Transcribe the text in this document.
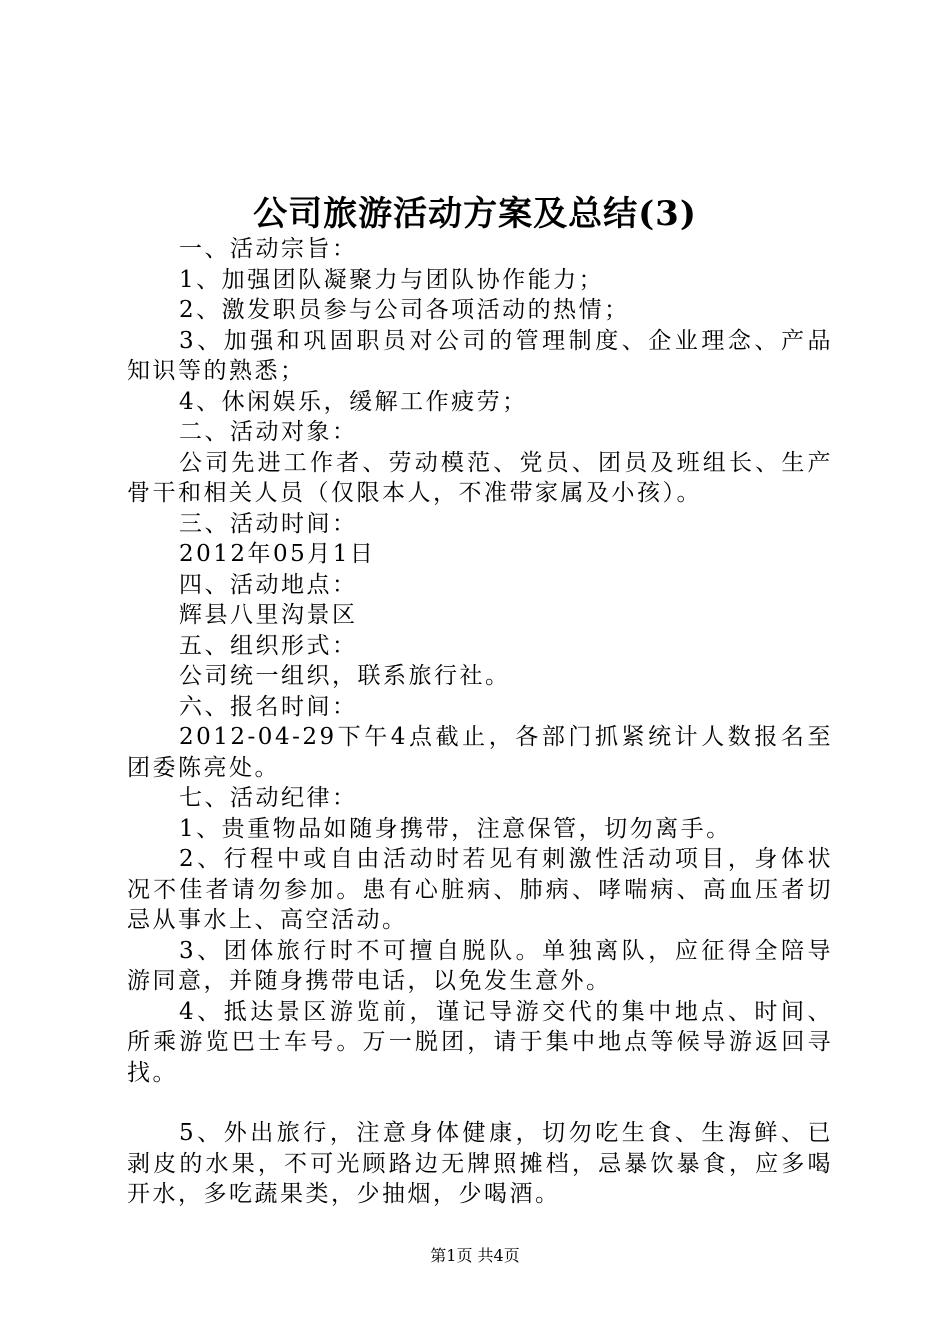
公司旅游活动方案及总结(3)

一、活动宗旨：

1、加强团队凝聚力与团队协作能力；

2、激发职员参与公司各项活动的热情；

3、加强和巩固职员对公司的管理制度、企业理念、产品知识等的熟悉；

4、休闲娱乐，缓解工作疲劳；

二、活动对象：

公司先进工作者、劳动模范、党员、团员及班组长、生产骨干和相关人员（仅限本人，不准带家属及小孩）。

三、活动时间：

2012年05月1日

四、活动地点：

辉县八里沟景区

五、组织形式：

公司统一组织，联系旅行社。

六、报名时间：

2012-04-29下午4点截止，各部门抓紧统计人数报名至团委陈亮处。

七、活动纪律：

1、贵重物品如随身携带，注意保管，切勿离手。

2、行程中或自由活动时若见有刺激性活动项目，身体状况不佳者请勿参加。患有心脏病、肺病、哮喘病、高血压者切忌从事水上、高空活动。

3、团体旅行时不可擅自脱队。单独离队，应征得全陪导游同意，并随身携带电话，以免发生意外。

4、抵达景区游览前，谨记导游交代的集中地点、时间、所乘游览巴士车号。万一脱团，请于集中地点等候导游返回寻找。

5、外出旅行，注意身体健康，切勿吃生食、生海鲜、已剥皮的水果，不可光顾路边无牌照摊档，忌暴饮暴食，应多喝开水，多吃蔬果类，少抽烟，少喝酒。

第1页 共4页
